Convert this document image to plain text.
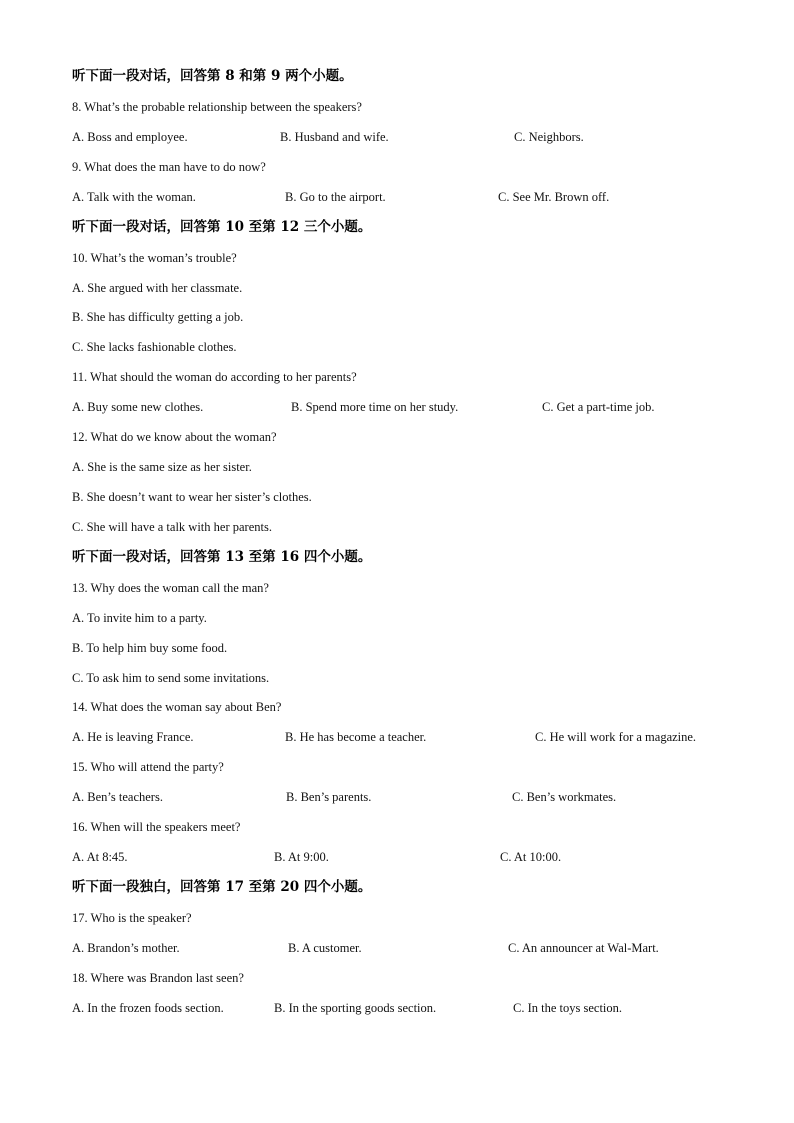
听下面一段对话，回答第 8 和第 9 两个小题。
8. What’s the probable relationship between the speakers?
A. Boss and employee.	B. Husband and wife.	C. Neighbors.
9. What does the man have to do now?
A. Talk with the woman.	B. Go to the airport.	C. See Mr. Brown off.
听下面一段对话，回答第 10 至第 12 三个小题。
10. What’s the woman’s trouble?
A. She argued with her classmate.
B. She has difficulty getting a job.
C. She lacks fashionable clothes.
11. What should the woman do according to her parents?
A. Buy some new clothes.	B. Spend more time on her study.	C. Get a part-time job.
12. What do we know about the woman?
A. She is the same size as her sister.
B. She doesn’t want to wear her sister’s clothes.
C. She will have a talk with her parents.
听下面一段对话，回答第 13 至第 16 四个小题。
13. Why does the woman call the man?
A. To invite him to a party.
B. To help him buy some food.
C. To ask him to send some invitations.
14. What does the woman say about Ben?
A. He is leaving France.	B. He has become a teacher.	C. He will work for a magazine.
15. Who will attend the party?
A. Ben’s teachers.	B. Ben’s parents.	C. Ben’s workmates.
16. When will the speakers meet?
A. At 8:45.	B. At 9:00.	C. At 10:00.
听下面一段独白，回答第 17 至第 20 四个小题。
17. Who is the speaker?
A. Brandon’s mother.	B. A customer.	C. An announcer at Wal-Mart.
18. Where was Brandon last seen?
A. In the frozen foods section.	B. In the sporting goods section.	C. In the toys section.
